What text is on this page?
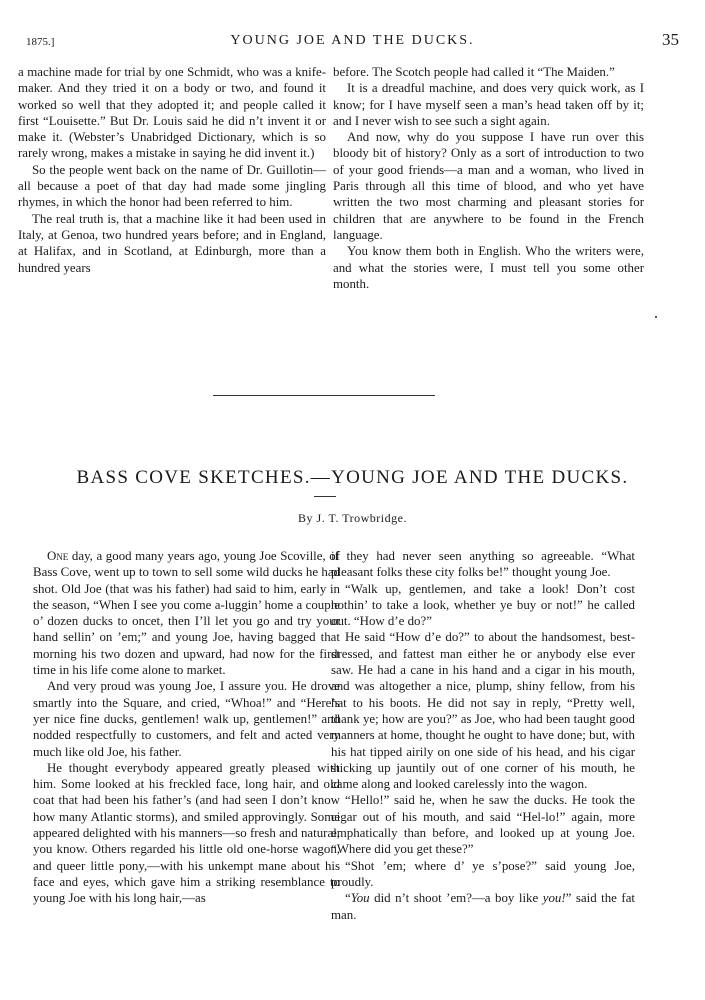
1875.]	YOUNG JOE AND THE DUCKS.	35

a machine made for trial by one Schmidt, who was a knife-maker. And they tried it on a body or two, and found it worked so well that they adopted it; and people called it first “Louisette.” But Dr. Louis said he did n’t invent it or make it. (Webster’s Unabridged Dictionary, which is so rarely wrong, makes a mistake in saying he did invent it.)

So the people went back on the name of Dr. Guillotin—all because a poet of that day had made some jingling rhymes, in which the honor had been referred to him.

The real truth is, that a machine like it had been used in Italy, at Genoa, two hundred years before; and in England, at Halifax, and in Scotland, at Edinburgh, more than a hundred years

before. The Scotch people had called it “The Maiden.”

It is a dreadful machine, and does very quick work, as I know; for I have myself seen a man’s head taken off by it; and I never wish to see such a sight again.

And now, why do you suppose I have run over this bloody bit of history? Only as a sort of introduction to two of your good friends—a man and a woman, who lived in Paris through all this time of blood, and who yet have written the two most charming and pleasant stories for children that are anywhere to be found in the French language.

You know them both in English. Who the writers were, and what the stories were, I must tell you some other month.

BASS COVE SKETCHES.—YOUNG JOE AND THE DUCKS.
By J. T. Trowbridge.

One day, a good many years ago, young Joe Scoville, of Bass Cove, went up to town to sell some wild ducks he had shot. Old Joe (that was his father) had said to him, early in the season, “When I see you come a-luggin’ home a couple o’ dozen ducks to oncet, then I’ll let you go and try your hand sellin’ on ’em;” and young Joe, having bagged that morning his two dozen and upward, had now for the first time in his life come alone to market.

And very proud was young Joe, I assure you. He drove smartly into the Square, and cried, “Whoa!” and “Here’s yer nice fine ducks, gentlemen! walk up, gentlemen!” and nodded respectfully to customers, and felt and acted very much like old Joe, his father.

He thought everybody appeared greatly pleased with him. Some looked at his freckled face, long hair, and old coat that had been his father’s (and had seen I don’t know how many Atlantic storms), and smiled approvingly. Some appeared delighted with his manners—so fresh and natural, you know. Others regarded his little old one-horse wagon, and queer little pony,—with his unkempt mane about his face and eyes, which gave him a striking resemblance to young Joe with his long hair,—as

if they had never seen anything so agreeable. “What pleasant folks these city folks be!” thought young Joe.

“Walk up, gentlemen, and take a look! Don’t cost nothin’ to take a look, whether ye buy or not!” he called out. “How d’e do?”

He said “How d’e do?” to about the handsomest, best-dressed, and fattest man either he or anybody else ever saw. He had a cane in his hand and a cigar in his mouth, and was altogether a nice, plump, shiny fellow, from his hat to his boots. He did not say in reply, “Pretty well, thank ye; how are you?” as Joe, who had been taught good manners at home, thought he ought to have done; but, with his hat tipped airily on one side of his head, and his cigar sticking up jauntily out of one corner of his mouth, he came along and looked carelessly into the wagon.

“Hello!” said he, when he saw the ducks. He took the cigar out of his mouth, and said “Hel-lo!” again, more emphatically than before, and looked up at young Joe. “Where did you get these?”

“Shot ’em; where d’ ye s’pose?” said young Joe, proudly.

“You did n’t shoot ’em?—a boy like you!” said the fat man.
